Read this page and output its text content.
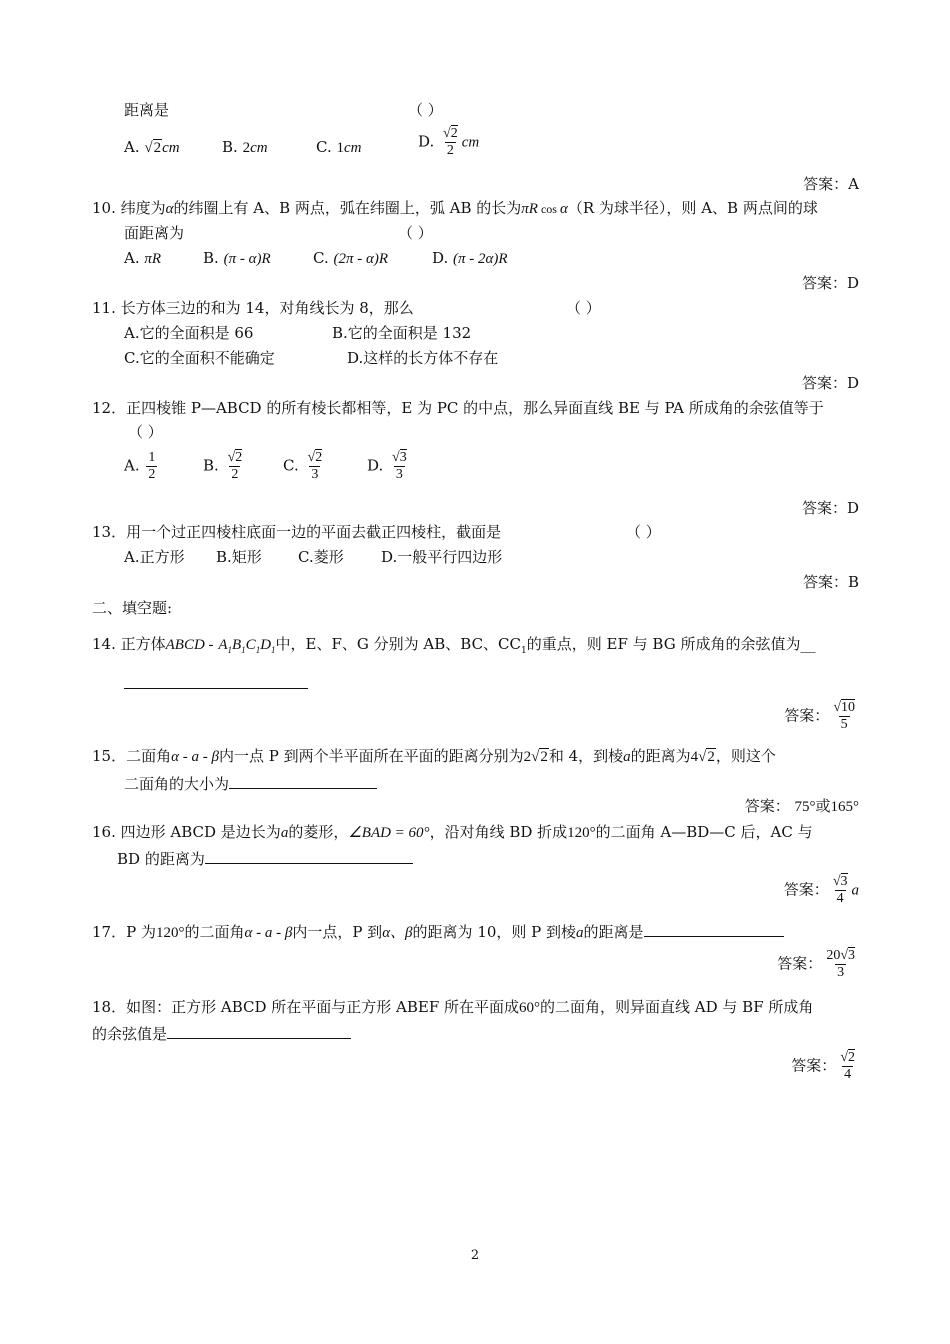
距离是	（ ）
A. √2cm	B. 2cm	C. 1cm	D. $\frac{√2}{2}$ cm
答案：A
10. 纬度为α的纬圈上有 A、B 两点，弧在纬圈上，弧 AB 的长为πR cos α（R 为球半径），则 A、B 两点间的球
面距离为	（ ）
A. πR	B. (π - α)R	C. (2π - α)R	D. (π - 2α)R
答案：D
11. 长方体三边的和为 14，对角线长为 8，那么	（ ）
A.它的全面积是 66	B.它的全面积是 132
C.它的全面积不能确定	D.这样的长方体不存在
答案：D
12．正四棱锥 P—ABCD 的所有棱长都相等，E 为 PC 的中点，那么异面直线 BE 与 PA 所成角的余弦值等于
（ ）
A. $\frac{1}{2}$	B. $\frac{√2}{2}$	C. $\frac{√2}{3}$	D. $\frac{√3}{3}$
答案：D
13．用一个过正四棱柱底面一边的平面去截正四棱柱，截面是	（ ）
A.正方形 B.矩形 C.菱形 D.一般平行四边形
答案：B
二、填空题:
14. 正方体ABCD - $A_1B_1C_1D_1$中，E、F、G 分别为 AB、BC、$CC_1$的重点，则 EF 与 BG 所成角的余弦值为__
答案： $\frac{√10}{5}$
15．二面角α - a - β内一点 P 到两个半平面所在平面的距离分别为2√2和 4，到棱a的距离为4√2，则这个
二面角的大小为
答案： 75°或165°
16. 四边形 ABCD 是边长为a的菱形，∠BAD = 60°，沿对角线 BD 折成120°的二面角 A—BD—C 后，AC 与
BD 的距离为
答案： $\frac{√3}{4}$ a
17．P 为120°的二面角α - a - β内一点，P 到α、β的距离为 10，则 P 到棱a的距离是
答案： $\frac{20√3}{3}$
18．如图：正方形 ABCD 所在平面与正方形 ABEF 所在平面成60°的二面角，则异面直线 AD 与 BF 所成角
的余弦值是
答案： $\frac{√2}{4}$
2
